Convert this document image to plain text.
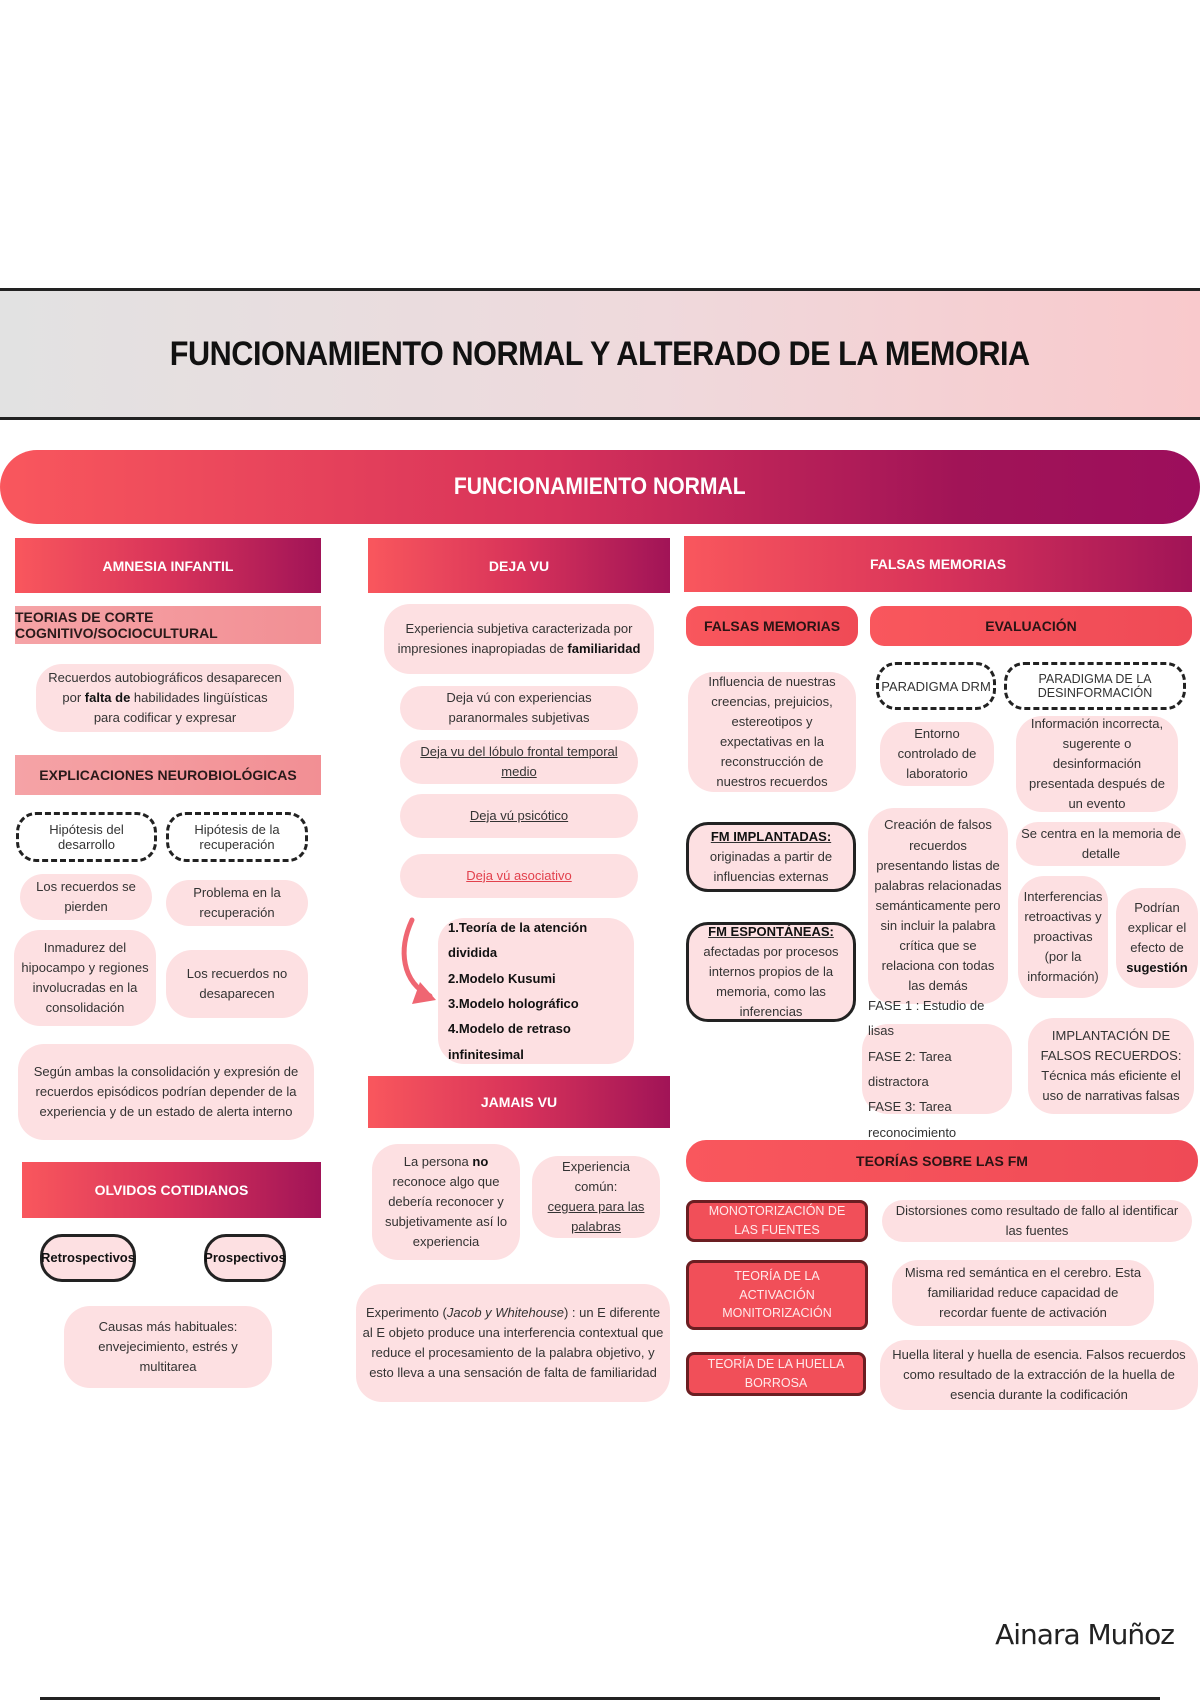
FUNCIONAMIENTO NORMAL Y ALTERADO DE LA MEMORIA
FUNCIONAMIENTO NORMAL
AMNESIA INFANTIL
TEORIAS DE CORTE COGNITIVO/SOCIOCULTURAL
Recuerdos autobiográficos desaparecen por falta de habilidades lingüísticas para codificar y expresar
EXPLICACIONES NEUROBIOLÓGICAS
Hipótesis del desarrollo
Hipótesis de la recuperación
Los recuerdos se pierden
Problema en la recuperación
Inmadurez del hipocampo y regiones involucradas en la consolidación
Los recuerdos no desaparecen
Según ambas la consolidación y expresión de recuerdos episódicos podrían depender de la experiencia y de un estado de alerta interno
OLVIDOS COTIDIANOS
Retrospectivos	Prospectivos
Causas más habituales: envejecimiento, estrés y multitarea
DEJA VU
Experiencia subjetiva caracterizada por impresiones inapropiadas de familiaridad
Deja vú con experiencias paranormales subjetivas
Deja vu del lóbulo frontal temporal medio
Deja vú psicótico
Deja vú asociativo
1.Teoría de la atención dividida
2.Modelo Kusumi
3.Modelo holográfico
4.Modelo de retraso infinitesimal
JAMAIS VU
La persona no reconoce algo que debería reconocer y subjetivamente así lo experiencia
Experiencia común:
ceguera para las palabras
Experimento (Jacob y Whitehouse) : un E diferente al E objeto produce una interferencia contextual que reduce el procesamiento de la palabra objetivo, y esto lleva a una sensación de falta de familiaridad
FALSAS MEMORIAS
FALSAS MEMORIAS	EVALUACIÓN
Influencia de nuestras creencias, prejuicios, estereotipos y expectativas en la reconstrucción de nuestros recuerdos
FM IMPLANTADAS: originadas a partir de influencias externas
FM ESPONTÁNEAS: afectadas por procesos internos propios de la memoria, como las inferencias
PARADIGMA DRM	PARADIGMA DE LA DESINFORMACIÓN
Entorno controlado de laboratorio
Información incorrecta, sugerente o desinformación presentada después de un evento
Creación de falsos recuerdos presentando listas de palabras relacionadas semánticamente pero sin incluir la palabra crítica que se relaciona con todas las demás
Se centra en la memoria de detalle
Interferencias retroactivas y proactivas (por la información)
Podrían explicar el efecto de sugestión
FASE 1 : Estudio de lisas
FASE 2: Tarea distractora
FASE 3: Tarea reconocimiento
IMPLANTACIÓN DE FALSOS RECUERDOS: Técnica más eficiente el uso de narrativas falsas
TEORÍAS SOBRE LAS FM
MONOTORIZACIÓN DE LAS FUENTES
Distorsiones como resultado de fallo al identificar las fuentes
TEORÍA DE LA ACTIVACIÓN MONITORIZACIÓN
Misma red semántica en el cerebro. Esta familiaridad reduce capacidad de recordar fuente de activación
TEORÍA DE LA HUELLA BORROSA
Huella literal y huella de esencia. Falsos recuerdos como resultado de la extracción de la huella de esencia durante la codificación
Ainara Muñoz
